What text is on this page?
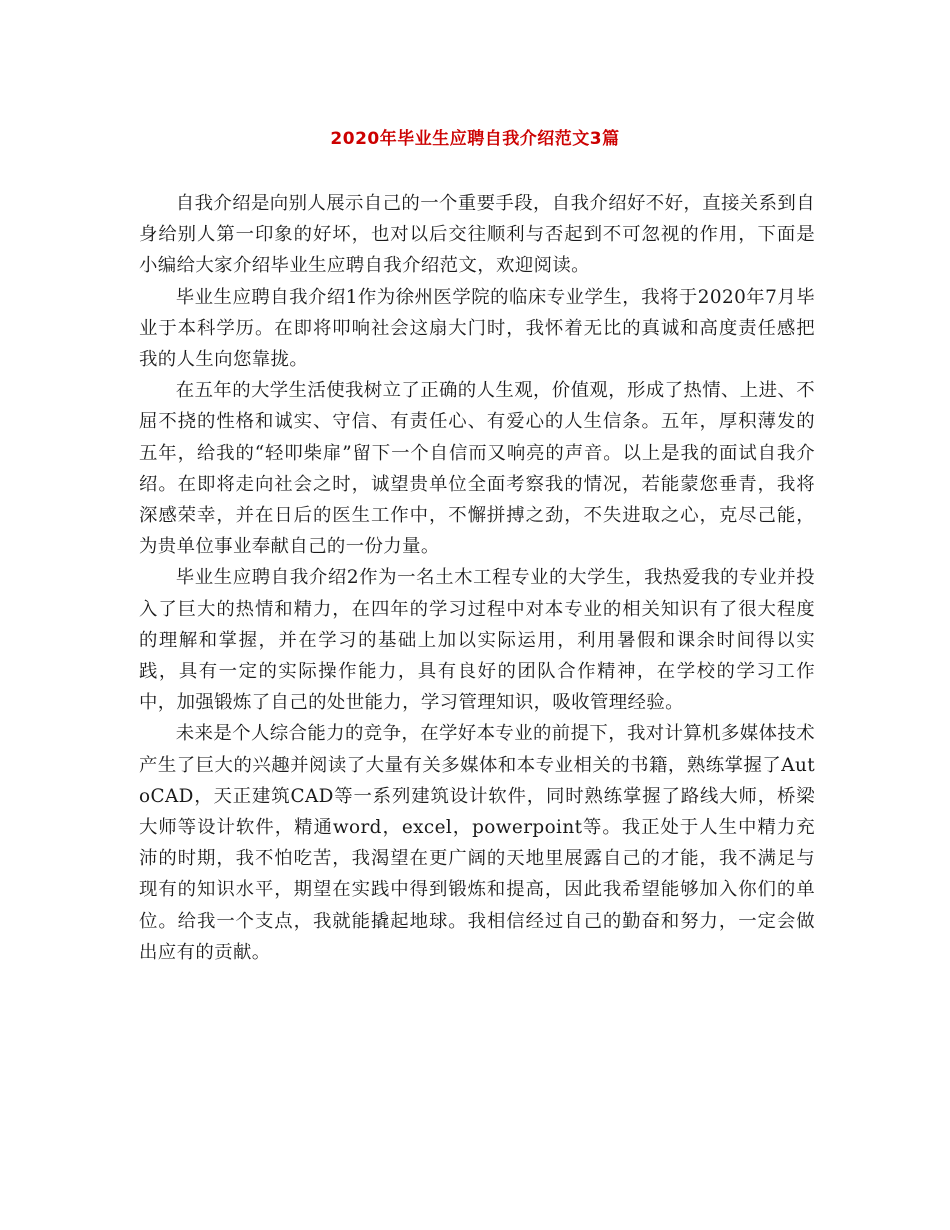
2020年毕业生应聘自我介绍范文3篇

自我介绍是向别人展示自己的一个重要手段，自我介绍好不好，直接关系到自身给别人第一印象的好坏，也对以后交往顺利与否起到不可忽视的作用，下面是小编给大家介绍毕业生应聘自我介绍范文，欢迎阅读。

毕业生应聘自我介绍1作为徐州医学院的临床专业学生，我将于2020年7月毕业于本科学历。在即将叩响社会这扇大门时，我怀着无比的真诚和高度责任感把我的人生向您靠拢。

在五年的大学生活使我树立了正确的人生观，价值观，形成了热情、上进、不屈不挠的性格和诚实、守信、有责任心、有爱心的人生信条。五年，厚积薄发的五年，给我的“轻叩柴扉”留下一个自信而又响亮的声音。以上是我的面试自我介绍。在即将走向社会之时，诚望贵单位全面考察我的情况，若能蒙您垂青，我将深感荣幸，并在日后的医生工作中，不懈拼搏之劲，不失进取之心，克尽己能，为贵单位事业奉献自己的一份力量。

毕业生应聘自我介绍2作为一名土木工程专业的大学生，我热爱我的专业并投入了巨大的热情和精力，在四年的学习过程中对本专业的相关知识有了很大程度的理解和掌握，并在学习的基础上加以实际运用，利用暑假和课余时间得以实践，具有一定的实际操作能力，具有良好的团队合作精神，在学校的学习工作中，加强锻炼了自己的处世能力，学习管理知识，吸收管理经验。

未来是个人综合能力的竞争，在学好本专业的前提下，我对计算机多媒体技术产生了巨大的兴趣并阅读了大量有关多媒体和本专业相关的书籍，熟练掌握了AutoCAD，天正建筑CAD等一系列建筑设计软件，同时熟练掌握了路线大师，桥梁大师等设计软件，精通word，excel，powerpoint等。我正处于人生中精力充沛的时期，我不怕吃苦，我渴望在更广阔的天地里展露自己的才能，我不满足与现有的知识水平，期望在实践中得到锻炼和提高，因此我希望能够加入你们的单位。给我一个支点，我就能撬起地球。我相信经过自己的勤奋和努力，一定会做出应有的贡献。
